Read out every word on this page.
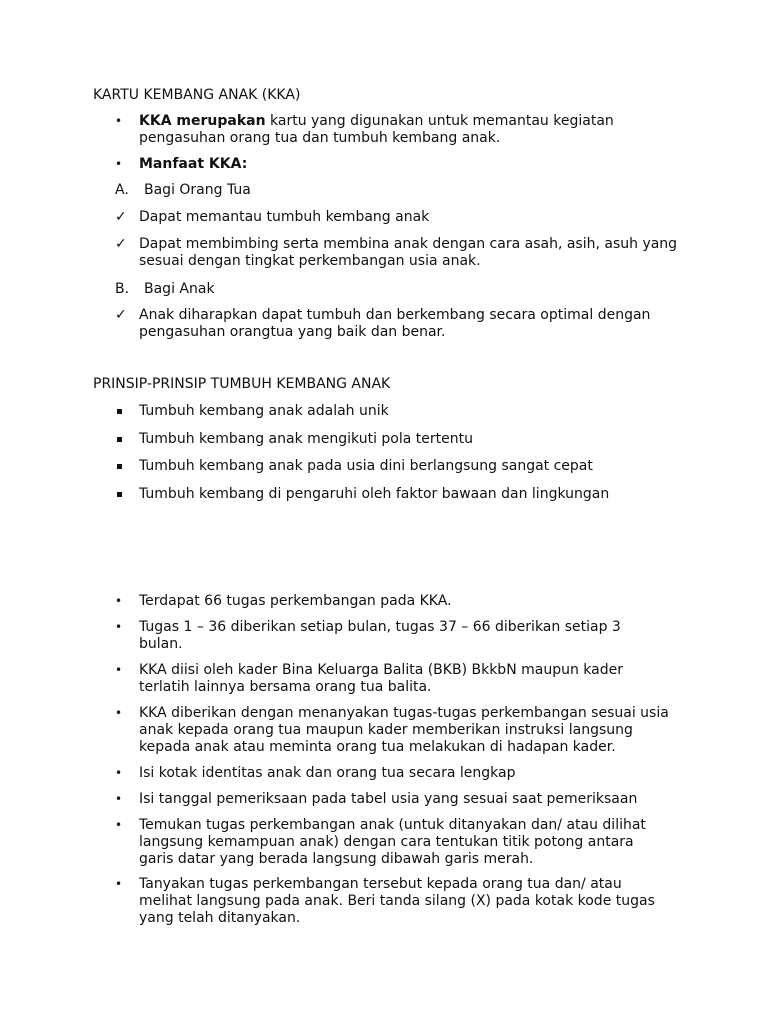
KARTU KEMBANG ANAK (KKA)
•	KKA merupakan kartu yang digunakan untuk memantau kegiatan pengasuhan orang tua dan tumbuh kembang anak.
•	Manfaat KKA:
A.	Bagi Orang Tua
✓ Dapat memantau tumbuh kembang anak
✓ Dapat membimbing serta membina anak dengan cara asah, asih, asuh yang sesuai dengan tingkat perkembangan usia anak.
B.	Bagi Anak
✓ Anak diharapkan dapat tumbuh dan berkembang secara optimal dengan pengasuhan orangtua yang baik dan benar.
PRINSIP-PRINSIP TUMBUH KEMBANG ANAK
Tumbuh kembang anak adalah unik
Tumbuh kembang anak mengikuti pola tertentu
Tumbuh kembang anak pada usia dini berlangsung sangat cepat
Tumbuh kembang di pengaruhi oleh faktor bawaan dan lingkungan
•	Terdapat 66 tugas perkembangan pada KKA.
•	Tugas 1 – 36 diberikan setiap bulan, tugas 37 – 66 diberikan setiap 3 bulan.
•	KKA diisi oleh kader Bina Keluarga Balita (BKB) BkkbN maupun kader terlatih lainnya bersama orang tua balita.
•	KKA diberikan dengan menanyakan tugas-tugas perkembangan sesuai usia anak kepada orang tua maupun kader memberikan instruksi langsung kepada anak atau meminta orang tua melakukan di hadapan kader.
•	Isi kotak identitas anak dan orang tua secara lengkap
•	Isi tanggal pemeriksaan pada tabel usia yang sesuai saat pemeriksaan
•	Temukan tugas perkembangan anak (untuk ditanyakan dan/ atau dilihat langsung kemampuan anak) dengan cara tentukan titik potong antara garis datar yang berada langsung dibawah garis merah.
•	Tanyakan tugas perkembangan tersebut kepada orang tua dan/ atau melihat langsung pada anak. Beri tanda silang (X) pada kotak kode tugas yang telah ditanyakan.
